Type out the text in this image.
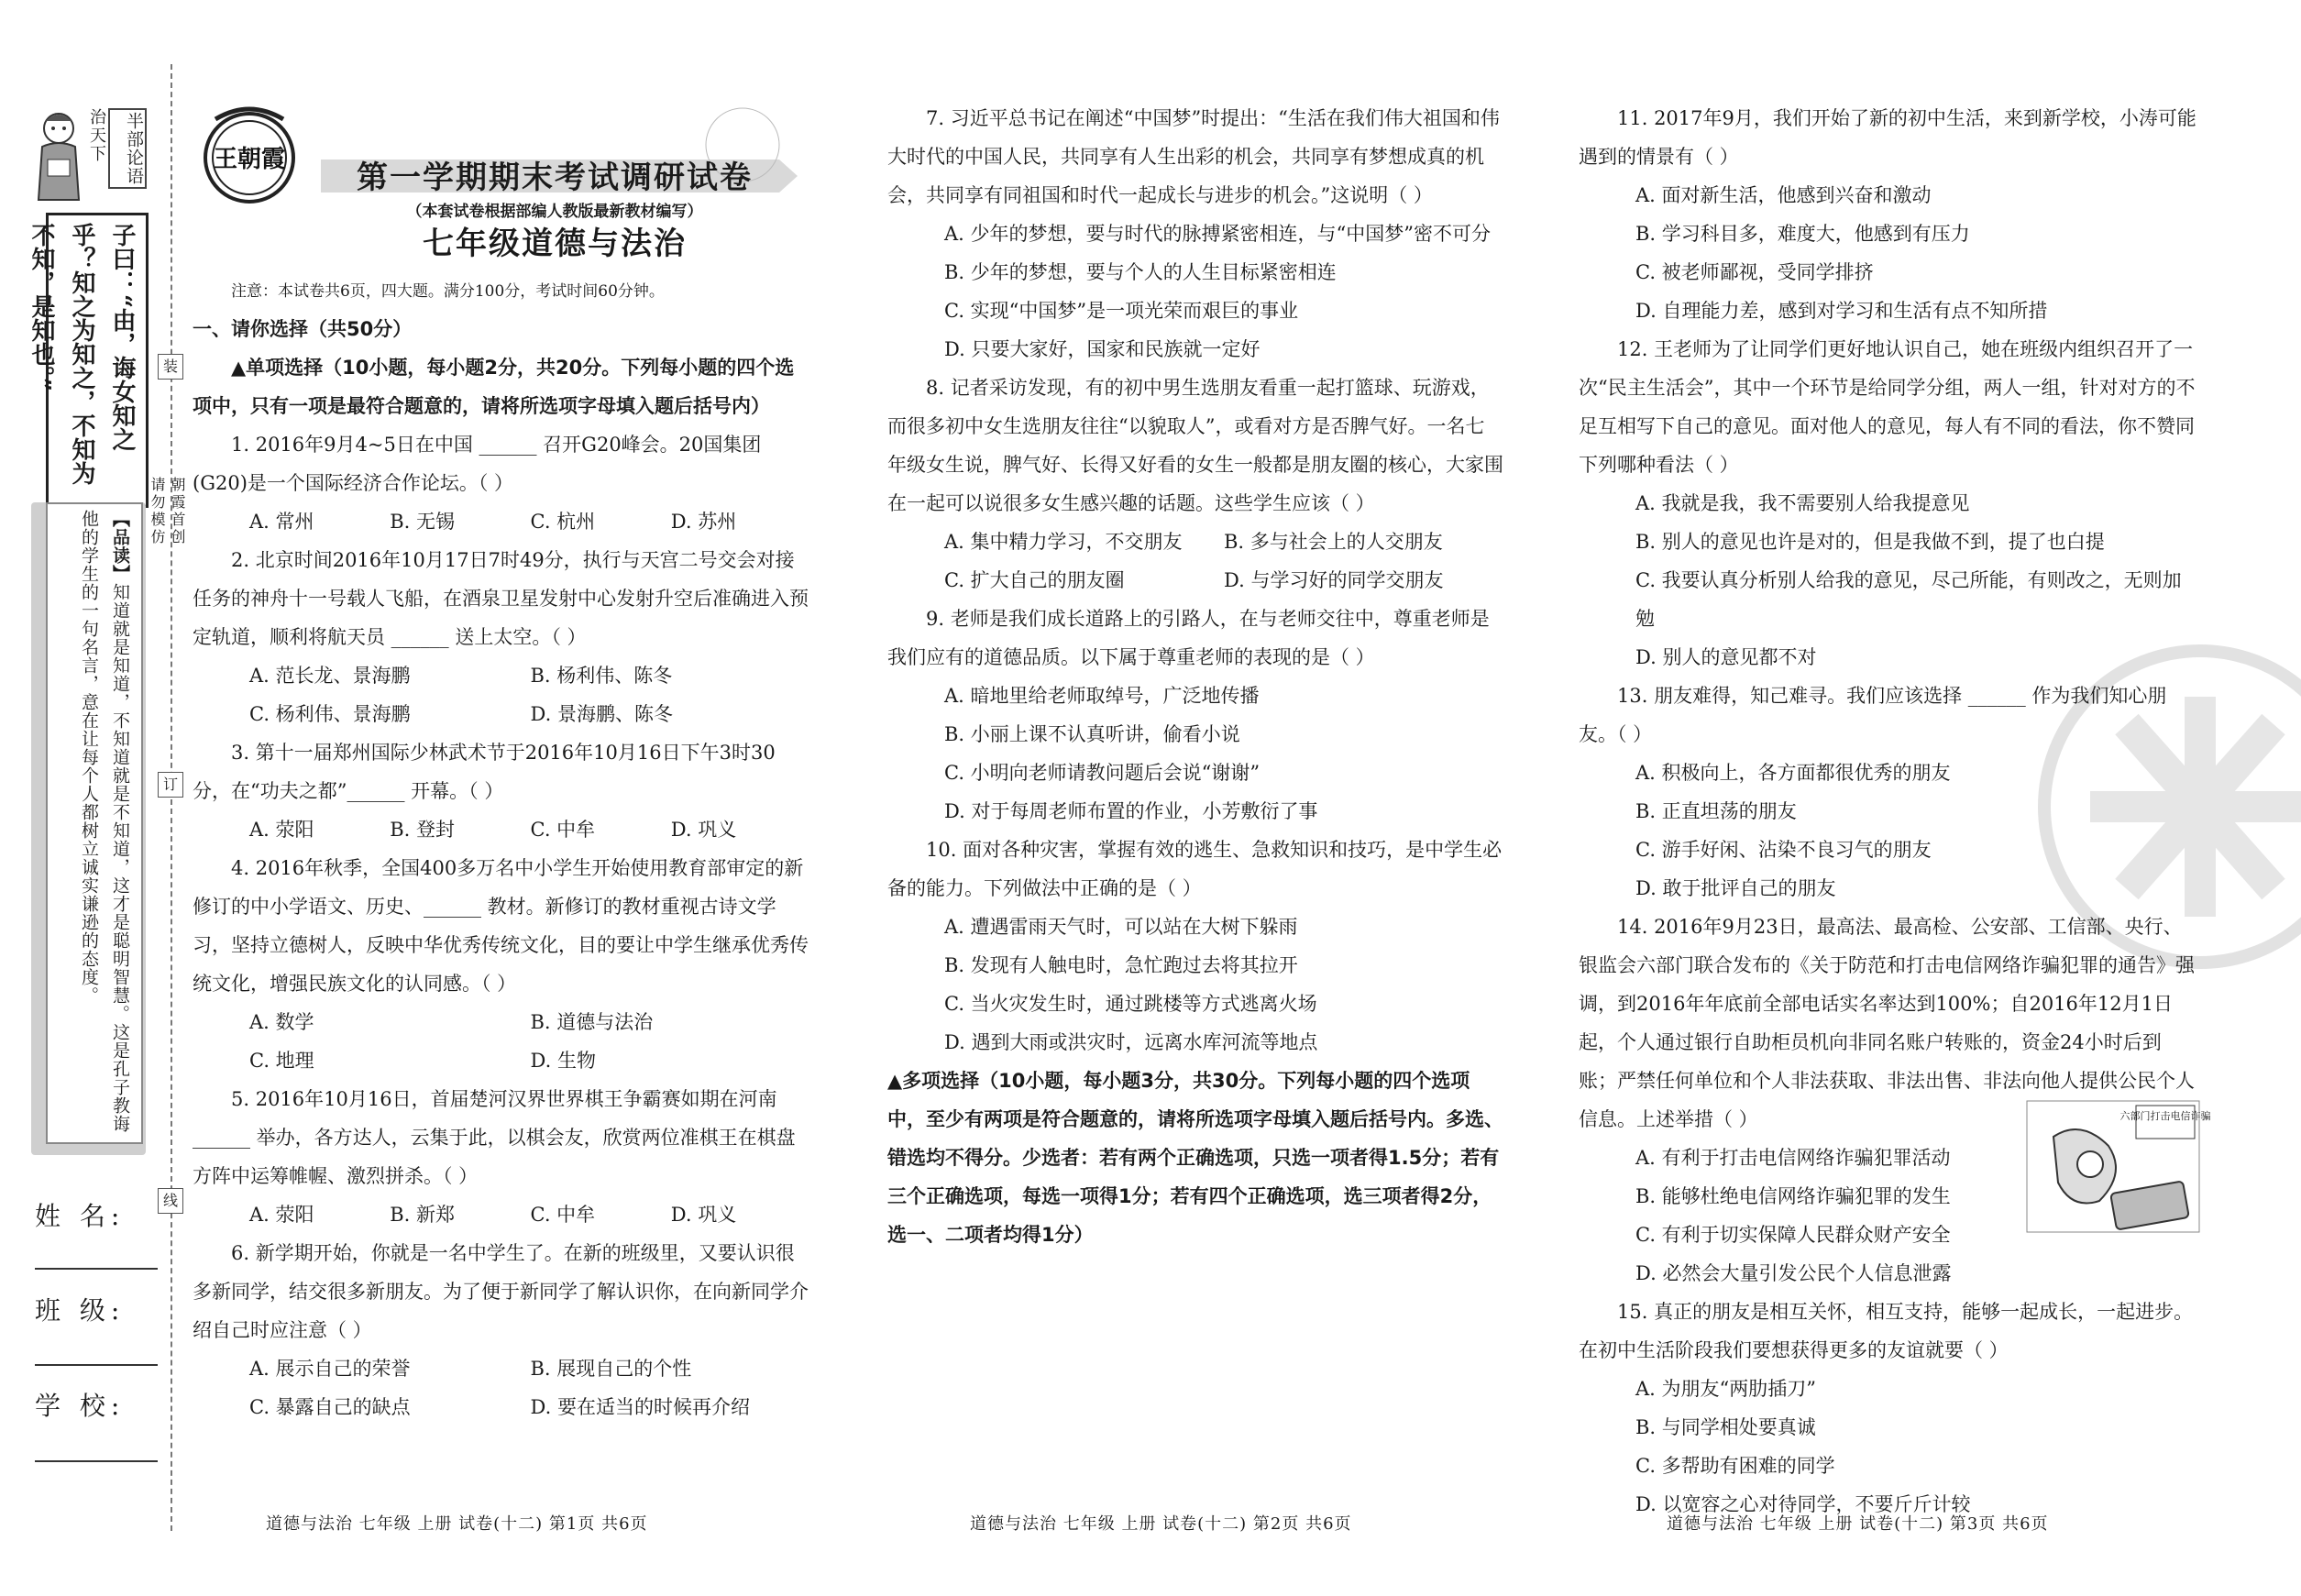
治天下	半部论语
子曰：“由，诲女知之乎？知之为知之，不知为不知，是知也。”
【品读】知道就是知道，不知道就是不知道，这才是聪明智慧。这是孔子教诲他的学生的一句名言，意在让每个人都树立诚实谦逊的态度。
姓 名:
班 级:
学 校:
朝霞首创
请勿模仿
装
订
线
王朝霞	第一学期期末考试调研试卷
（本套试卷根据部编人教版最新教材编写）
七年级道德与法治

注意：本试卷共6页，四大题。满分100分，考试时间60分钟。

一、请你选择（共50分）

▲单项选择（10小题，每小题2分，共20分。下列每小题的四个选项中，只有一项是最符合题意的，请将所选项字母填入题后括号内）

1. 2016年9月4~5日在中国 ______ 召开G20峰会。20国集团(G20)是一个国际经济合作论坛。（ ）

A. 常州	B. 无锡	C. 杭州	D. 苏州

2. 北京时间2016年10月17日7时49分，执行与天宫二号交会对接任务的神舟十一号载人飞船，在酒泉卫星发射中心发射升空后准确进入预定轨道，顺利将航天员 ______ 送上太空。（ ）

A. 范长龙、景海鹏	B. 杨利伟、陈冬
C. 杨利伟、景海鹏	D. 景海鹏、陈冬

3. 第十一届郑州国际少林武术节于2016年10月16日下午3时30分，在“功夫之都”______ 开幕。（ ）

A. 荥阳	B. 登封	C. 中牟	D. 巩义

4. 2016年秋季，全国400多万名中小学生开始使用教育部审定的新修订的中小学语文、历史、______ 教材。新修订的教材重视古诗文学习，坚持立德树人，反映中华优秀传统文化，目的要让中学生继承优秀传统文化，增强民族文化的认同感。（ ）

A. 数学	B. 道德与法治
C. 地理	D. 生物

5. 2016年10月16日，首届楚河汉界世界棋王争霸赛如期在河南 ______ 举办，各方达人，云集于此，以棋会友，欣赏两位准棋王在棋盘方阵中运筹帷幄、激烈拼杀。（ ）

A. 荥阳	B. 新郑	C. 中牟	D. 巩义

6. 新学期开始，你就是一名中学生了。在新的班级里，又要认识很多新同学，结交很多新朋友。为了便于新同学了解认识你，在向新同学介绍自己时应注意（ ）

A. 展示自己的荣誉	B. 展现自己的个性
C. 暴露自己的缺点	D. 要在适当的时候再介绍
道德与法治 七年级 上册 试卷(十二) 第1页 共6页

7. 习近平总书记在阐述“中国梦”时提出：“生活在我们伟大祖国和伟大时代的中国人民，共同享有人生出彩的机会，共同享有梦想成真的机会，共同享有同祖国和时代一起成长与进步的机会。”这说明（ ）

A. 少年的梦想，要与时代的脉搏紧密相连，与“中国梦”密不可分

B. 少年的梦想，要与个人的人生目标紧密相连

C. 实现“中国梦”是一项光荣而艰巨的事业

D. 只要大家好，国家和民族就一定好

8. 记者采访发现，有的初中男生选朋友看重一起打篮球、玩游戏，而很多初中女生选朋友往往“以貌取人”，或看对方是否脾气好。一名七年级女生说，脾气好、长得又好看的女生一般都是朋友圈的核心，大家围在一起可以说很多女生感兴趣的话题。这些学生应该（ ）

A. 集中精力学习，不交朋友	B. 多与社会上的人交朋友
C. 扩大自己的朋友圈	D. 与学习好的同学交朋友

9. 老师是我们成长道路上的引路人，在与老师交往中，尊重老师是我们应有的道德品质。以下属于尊重老师的表现的是（ ）

A. 暗地里给老师取绰号，广泛地传播

B. 小丽上课不认真听讲，偷看小说

C. 小明向老师请教问题后会说“谢谢”

D. 对于每周老师布置的作业，小芳敷衍了事

10. 面对各种灾害，掌握有效的逃生、急救知识和技巧，是中学生必备的能力。下列做法中正确的是（ ）

A. 遭遇雷雨天气时，可以站在大树下躲雨

B. 发现有人触电时，急忙跑过去将其拉开

C. 当火灾发生时，通过跳楼等方式逃离火场

D. 遇到大雨或洪灾时，远离水库河流等地点

▲多项选择（10小题，每小题3分，共30分。下列每小题的四个选项中，至少有两项是符合题意的，请将所选项字母填入题后括号内。多选、错选均不得分。少选者：若有两个正确选项，只选一项者得1.5分；若有三个正确选项，每选一项得1分；若有四个正确选项，选三项者得2分，选一、二项者均得1分）

道德与法治 七年级 上册 试卷(十二) 第2页 共6页

11. 2017年9月，我们开始了新的初中生活，来到新学校，小涛可能遇到的情景有（ ）

A. 面对新生活，他感到兴奋和激动

B. 学习科目多，难度大，他感到有压力

C. 被老师鄙视，受同学排挤

D. 自理能力差，感到对学习和生活有点不知所措

12. 王老师为了让同学们更好地认识自己，她在班级内组织召开了一次“民主生活会”，其中一个环节是给同学分组，两人一组，针对对方的不足互相写下自己的意见。面对他人的意见，每人有不同的看法，你不赞同下列哪种看法（ ）

A. 我就是我，我不需要别人给我提意见

B. 别人的意见也许是对的，但是我做不到，提了也白提

C. 我要认真分析别人给我的意见，尽己所能，有则改之，无则加勉

D. 别人的意见都不对

13. 朋友难得，知己难寻。我们应该选择 ______ 作为我们知心朋友。（ ）

A. 积极向上，各方面都很优秀的朋友

B. 正直坦荡的朋友

C. 游手好闲、沾染不良习气的朋友

D. 敢于批评自己的朋友

14. 2016年9月23日，最高法、最高检、公安部、工信部、央行、银监会六部门联合发布的《关于防范和打击电信网络诈骗犯罪的通告》强调，到2016年年底前全部电话实名率达到100%；自2016年12月1日起，个人通过银行自助柜员机向非同名账户转账的，资金24小时后到账；严禁任何单位和个人非法获取、非法出售、非法向他人提供公民个人信息。上述举措（ ）

A. 有利于打击电信网络诈骗犯罪活动

B. 能够杜绝电信网络诈骗犯罪的发生

C. 有利于切实保障人民群众财产安全

D. 必然会大量引发公民个人信息泄露

15. 真正的朋友是相互关怀，相互支持，能够一起成长，一起进步。在初中生活阶段我们要想获得更多的友谊就要（ ）

A. 为朋友“两肋插刀”

B. 与同学相处要真诚

C. 多帮助有困难的同学

D. 以宽容之心对待同学，不要斤斤计较

六部门打击电信诈骗
道德与法治 七年级 上册 试卷(十二) 第3页 共6页
